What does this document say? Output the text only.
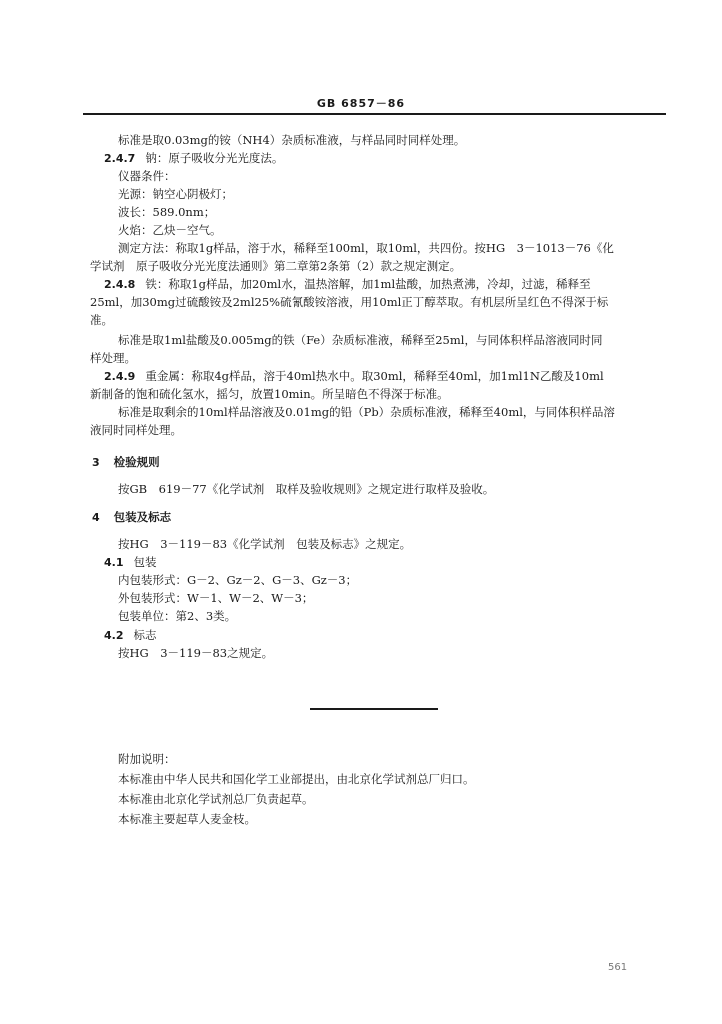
GB 6857－86
标准是取0.03mg的铵（NH4）杂质标准液，与样品同时同样处理。
2.4.7 钠：原子吸收分光光度法。
仪器条件：
光源：钠空心阴极灯；
波长：589.0nm；
火焰：乙炔－空气。
测定方法：称取1g样品，溶于水，稀释至100ml，取10ml，共四份。按HG　3－1013－76《化
学试剂　原子吸收分光光度法通则》第二章第2条第（2）款之规定测定。
2.4.8 铁：称取1g样品，加20ml水，温热溶解，加1ml盐酸，加热煮沸，冷却，过滤，稀释至
25ml，加30mg过硫酸铵及2ml25%硫氰酸铵溶液，用10ml正丁醇萃取。有机层所呈红色不得深于标
准。
标准是取1ml盐酸及0.005mg的铁（Fe）杂质标准液，稀释至25ml，与同体积样品溶液同时同
样处理。
2.4.9 重金属：称取4g样品，溶于40ml热水中。取30ml，稀释至40ml，加1ml1N乙酸及10ml
新制备的饱和硫化氢水，摇匀，放置10min。所呈暗色不得深于标准。
标准是取剩余的10ml样品溶液及0.01mg的铅（Pb）杂质标准液，稀释至40ml，与同体积样品溶
液同时同样处理。
3 检验规则
按GB　619－77《化学试剂　取样及验收规则》之规定进行取样及验收。
4 包装及标志
按HG　3－119－83《化学试剂　包装及标志》之规定。
4.1 包装
内包装形式：G－2、Gz－2、G－3、Gz－3；
外包装形式：W－1、W－2、W－3；
包装单位：第2、3类。
4.2 标志
按HG　3－119－83之规定。
附加说明：
本标准由中华人民共和国化学工业部提出，由北京化学试剂总厂归口。
本标准由北京化学试剂总厂负责起草。
本标准主要起草人麦金枝。
561
